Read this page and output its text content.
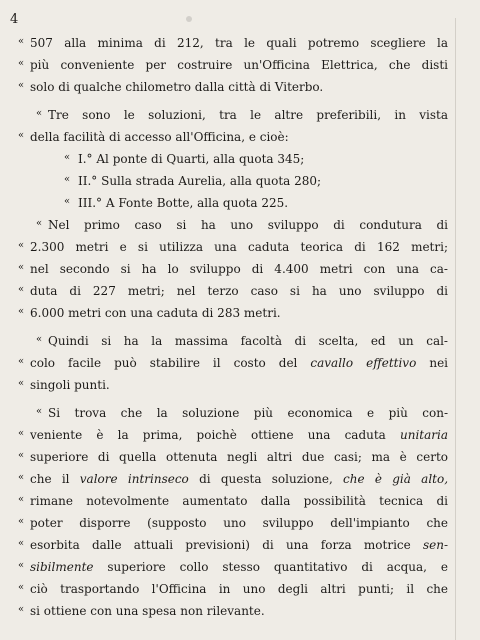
4
« 507 alla minima di 212, tra le quali potremo scegliere la
« più conveniente per costruire un'Officina Elettrica, che disti
« solo di qualche chilometro dalla città di Viterbo.
« Tre sono le soluzioni, tra le altre preferibili, in vista
« della facilità di accesso all'Officina, e cioè:
« I.° Al ponte di Quarti, alla quota 345;
« II.° Sulla strada Aurelia, alla quota 280;
« III.° A Fonte Botte, alla quota 225.
« Nel primo caso si ha uno sviluppo di condutura di
« 2.300 metri e si utilizza una caduta teorica di 162 metri;
« nel secondo si ha lo sviluppo di 4.400 metri con una ca-
« duta di 227 metri; nel terzo caso si ha uno sviluppo di
« 6.000 metri con una caduta di 283 metri.
« Quindi si ha la massima facoltà di scelta, ed un cal-
« colo facile può stabilire il costo del cavallo effettivo nei
« singoli punti.
« Si trova che la soluzione più economica e più con-
« veniente è la prima, poichè ottiene una caduta unitaria
« superiore di quella ottenuta negli altri due casi; ma è certo
« che il valore intrinseco di questa soluzione, che è già alto,
« rimane notevolmente aumentato dalla possibilità tecnica di
« poter disporre (supposto uno sviluppo dell'impianto che
« esorbita dalle attuali previsioni) di una forza motrice sen-
« sibilmente superiore collo stesso quantitativo di acqua, e
« ciò trasportando l'Officina in uno degli altri punti; il che
« si ottiene con una spesa non rilevante.
